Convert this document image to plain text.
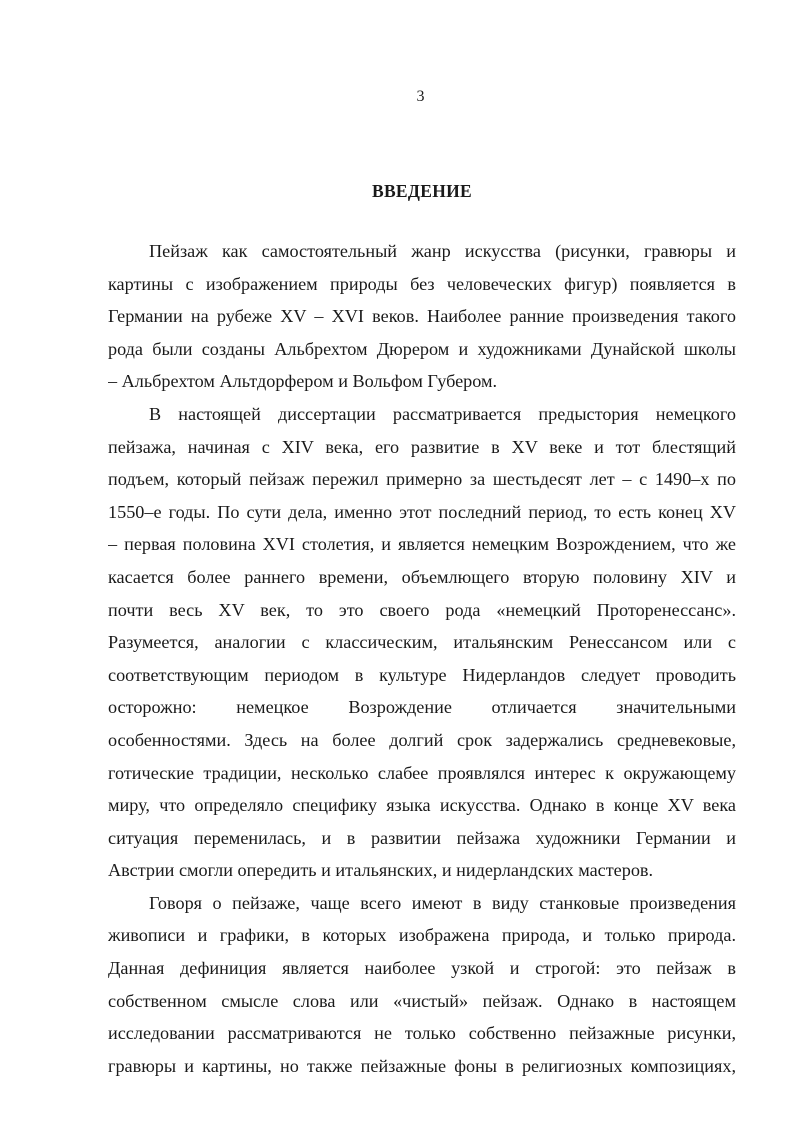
3
ВВЕДЕНИЕ
Пейзаж как самостоятельный жанр искусства (рисунки, гравюры и
картины с изображением природы без человеческих фигур) появляется в
Германии на рубеже XV – XVI веков. Наиболее ранние произведения такого
рода были созданы Альбрехтом Дюрером и художниками Дунайской школы
– Альбрехтом Альтдорфером и Вольфом Губером.
В настоящей диссертации рассматривается предыстория немецкого
пейзажа, начиная с XIV века, его развитие в XV веке и тот блестящий
подъем, который пейзаж пережил примерно за шестьдесят лет – с 1490–х по
1550–е годы. По сути дела, именно этот последний период, то есть конец XV
– первая половина XVI столетия, и является немецким Возрождением, что же
касается более раннего времени, объемлющего вторую половину XIV и
почти весь XV век, то это своего рода «немецкий Проторенессанс».
Разумеется, аналогии с классическим, итальянским Ренессансом или с
соответствующим периодом в культуре Нидерландов следует проводить
осторожно: немецкое Возрождение отличается значительными
особенностями. Здесь на более долгий срок задержались средневековые,
готические традиции, несколько слабее проявлялся интерес к окружающему
миру, что определяло специфику языка искусства. Однако в конце XV века
ситуация переменилась, и в развитии пейзажа художники Германии и
Австрии смогли опередить и итальянских, и нидерландских мастеров.
Говоря о пейзаже, чаще всего имеют в виду станковые произведения
живописи и графики, в которых изображена природа, и только природа.
Данная дефиниция является наиболее узкой и строгой: это пейзаж в
собственном смысле слова или «чистый» пейзаж. Однако в настоящем
исследовании рассматриваются не только собственно пейзажные рисунки,
гравюры и картины, но также пейзажные фоны в религиозных композициях,
